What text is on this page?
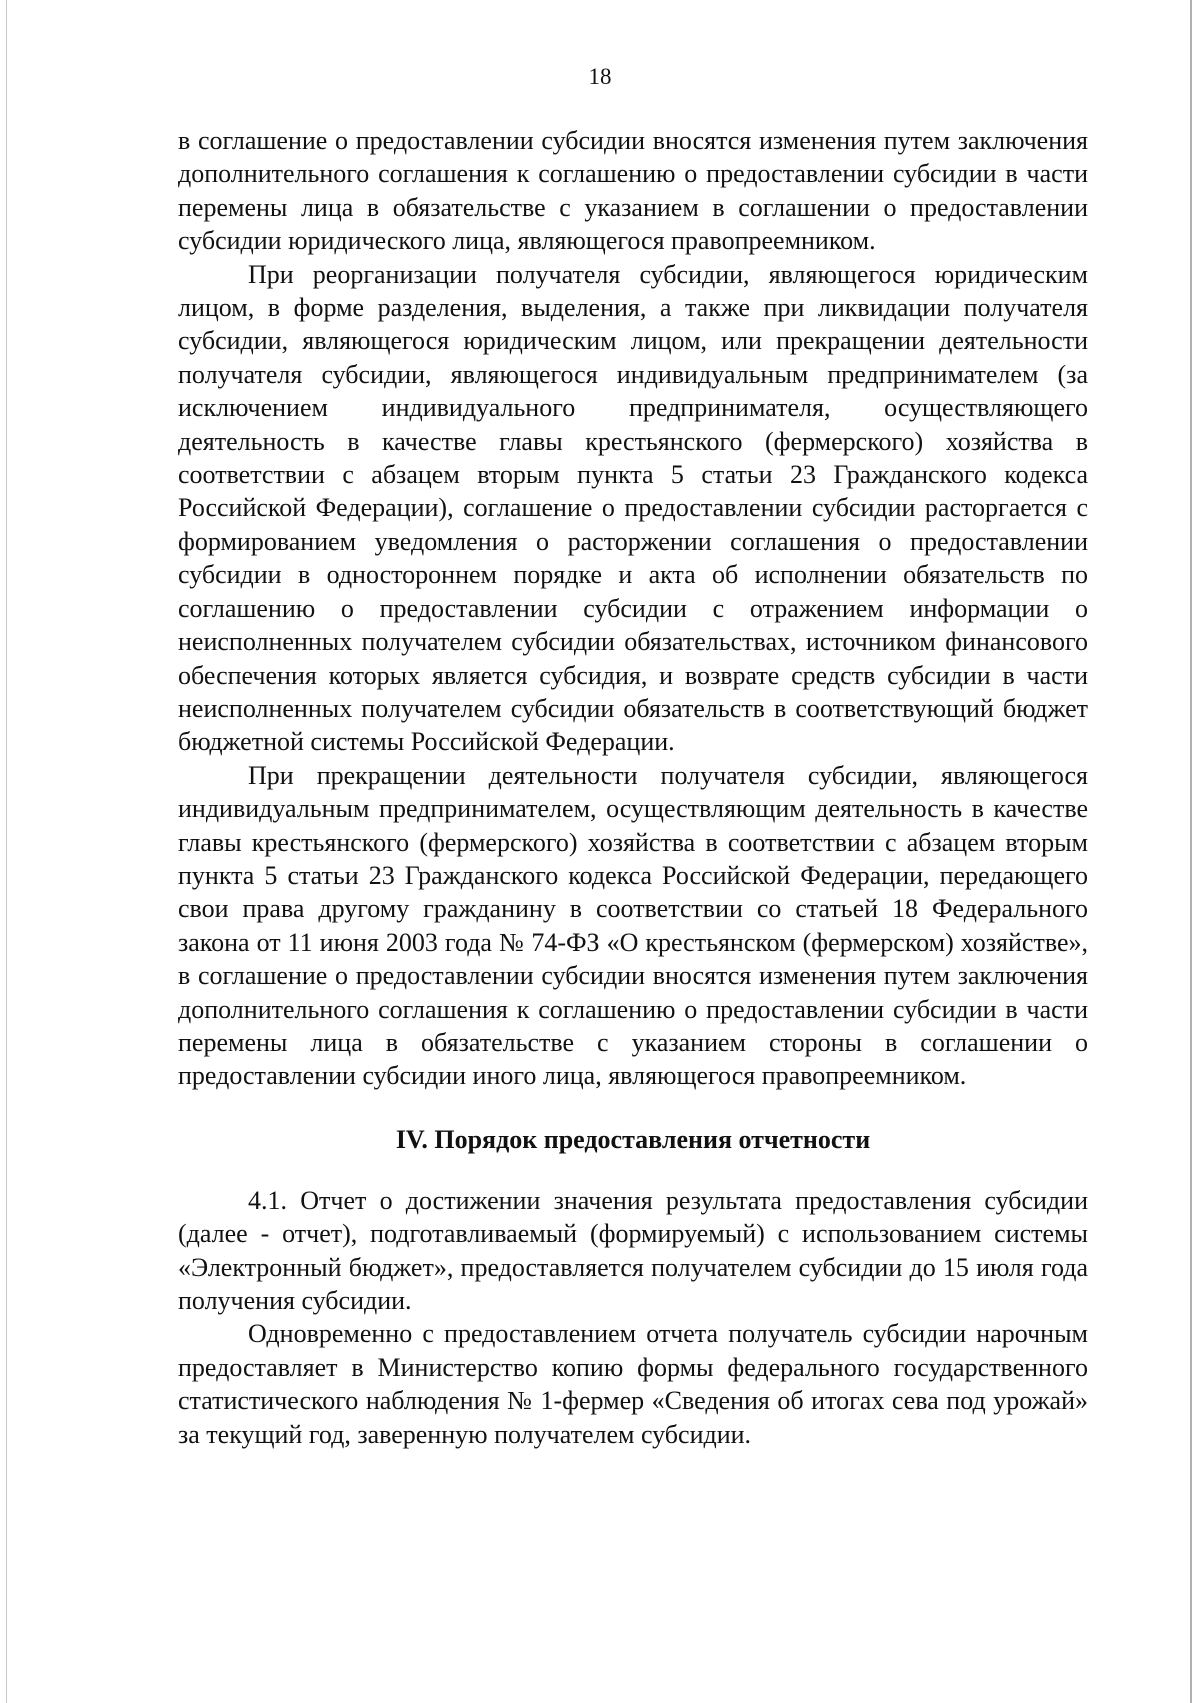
18

в соглашение о предоставлении субсидии вносятся изменения путем заключения дополнительного соглашения к соглашению о предоставлении субсидии в части перемены лица в обязательстве с указанием в соглашении о предоставлении субсидии юридического лица, являющегося правопреемником.

При реорганизации получателя субсидии, являющегося юридическим лицом, в форме разделения, выделения, а также при ликвидации получателя субсидии, являющегося юридическим лицом, или прекращении деятельности получателя субсидии, являющегося индивидуальным предпринимателем (за исключением индивидуального предпринимателя, осуществляющего деятельность в качестве главы крестьянского (фермерского) хозяйства в соответствии с абзацем вторым пункта 5 статьи 23 Гражданского кодекса Российской Федерации), соглашение о предоставлении субсидии расторгается с формированием уведомления о расторжении соглашения о предоставлении субсидии в одностороннем порядке и акта об исполнении обязательств по соглашению о предоставлении субсидии с отражением информации о неисполненных получателем субсидии обязательствах, источником финансового обеспечения которых является субсидия, и возврате средств субсидии в части неисполненных получателем субсидии обязательств в соответствующий бюджет бюджетной системы Российской Федерации.

При прекращении деятельности получателя субсидии, являющегося индивидуальным предпринимателем, осуществляющим деятельность в качестве главы крестьянского (фермерского) хозяйства в соответствии с абзацем вторым пункта 5 статьи 23 Гражданского кодекса Российской Федерации, передающего свои права другому гражданину в соответствии со статьей 18 Федерального закона от 11 июня 2003 года № 74-ФЗ «О крестьянском (фермерском) хозяйстве», в соглашение о предоставлении субсидии вносятся изменения путем заключения дополнительного соглашения к соглашению о предоставлении субсидии в части перемены лица в обязательстве с указанием стороны в соглашении о предоставлении субсидии иного лица, являющегося правопреемником.

IV. Порядок предоставления отчетности

4.1. Отчет о достижении значения результата предоставления субсидии (далее - отчет), подготавливаемый (формируемый) с использованием системы «Электронный бюджет», предоставляется получателем субсидии до 15 июля года получения субсидии.

Одновременно с предоставлением отчета получатель субсидии нарочным предоставляет в Министерство копию формы федерального государственного статистического наблюдения № 1-фермер «Сведения об итогах сева под урожай» за текущий год, заверенную получателем субсидии.
